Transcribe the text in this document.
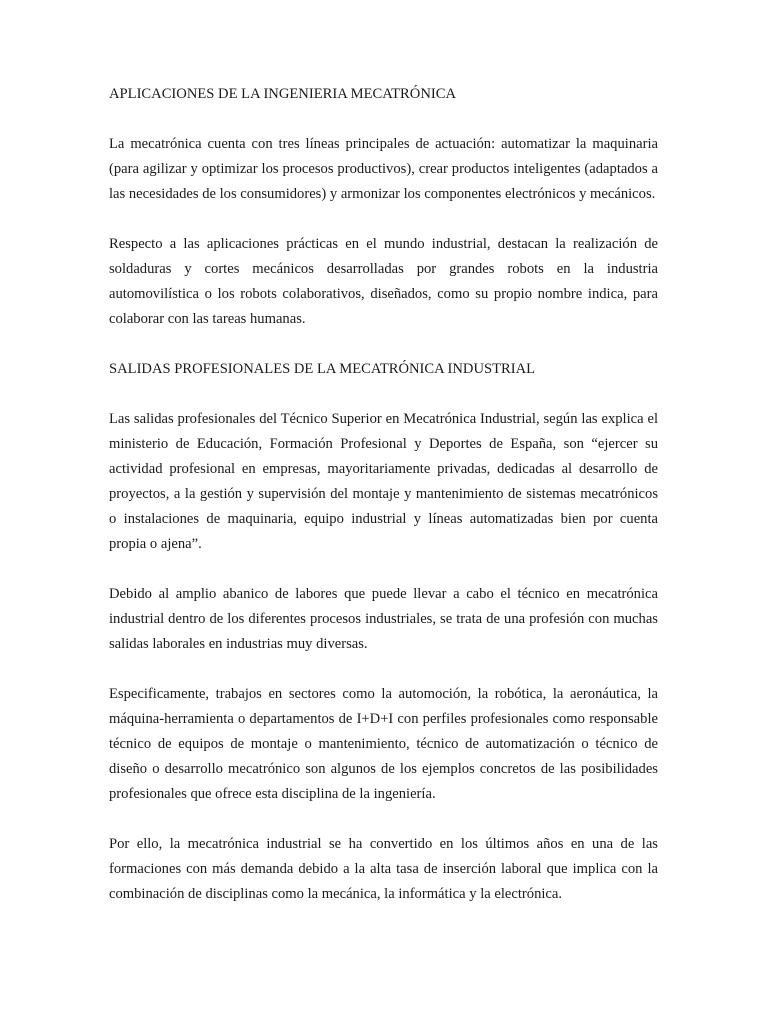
APLICACIONES DE LA INGENIERIA MECATRÓNICA

La mecatrónica cuenta con tres líneas principales de actuación: automatizar la maquinaria (para agilizar y optimizar los procesos productivos), crear productos inteligentes (adaptados a las necesidades de los consumidores) y armonizar los componentes electrónicos y mecánicos.

Respecto a las aplicaciones prácticas en el mundo industrial, destacan la realización de soldaduras y cortes mecánicos desarrolladas por grandes robots en la industria automovilística o los robots colaborativos, diseñados, como su propio nombre indica, para colaborar con las tareas humanas.

SALIDAS PROFESIONALES DE LA MECATRÓNICA INDUSTRIAL

Las salidas profesionales del Técnico Superior en Mecatrónica Industrial, según las explica el ministerio de Educación, Formación Profesional y Deportes de España, son “ejercer su actividad profesional en empresas, mayoritariamente privadas, dedicadas al desarrollo de proyectos, a la gestión y supervisión del montaje y mantenimiento de sistemas mecatrónicos o instalaciones de maquinaria, equipo industrial y líneas automatizadas bien por cuenta propia o ajena”.

Debido al amplio abanico de labores que puede llevar a cabo el técnico en mecatrónica industrial dentro de los diferentes procesos industriales, se trata de una profesión con muchas salidas laborales en industrias muy diversas.

Especificamente, trabajos en sectores como la automoción, la robótica, la aeronáutica, la máquina-herramienta o departamentos de I+D+I con perfiles profesionales como responsable técnico de equipos de montaje o mantenimiento, técnico de automatización o técnico de diseño o desarrollo mecatrónico son algunos de los ejemplos concretos de las posibilidades profesionales que ofrece esta disciplina de la ingeniería.

Por ello, la mecatrónica industrial se ha convertido en los últimos años en una de las formaciones con más demanda debido a la alta tasa de inserción laboral que implica con la combinación de disciplinas como la mecánica, la informática y la electrónica.
